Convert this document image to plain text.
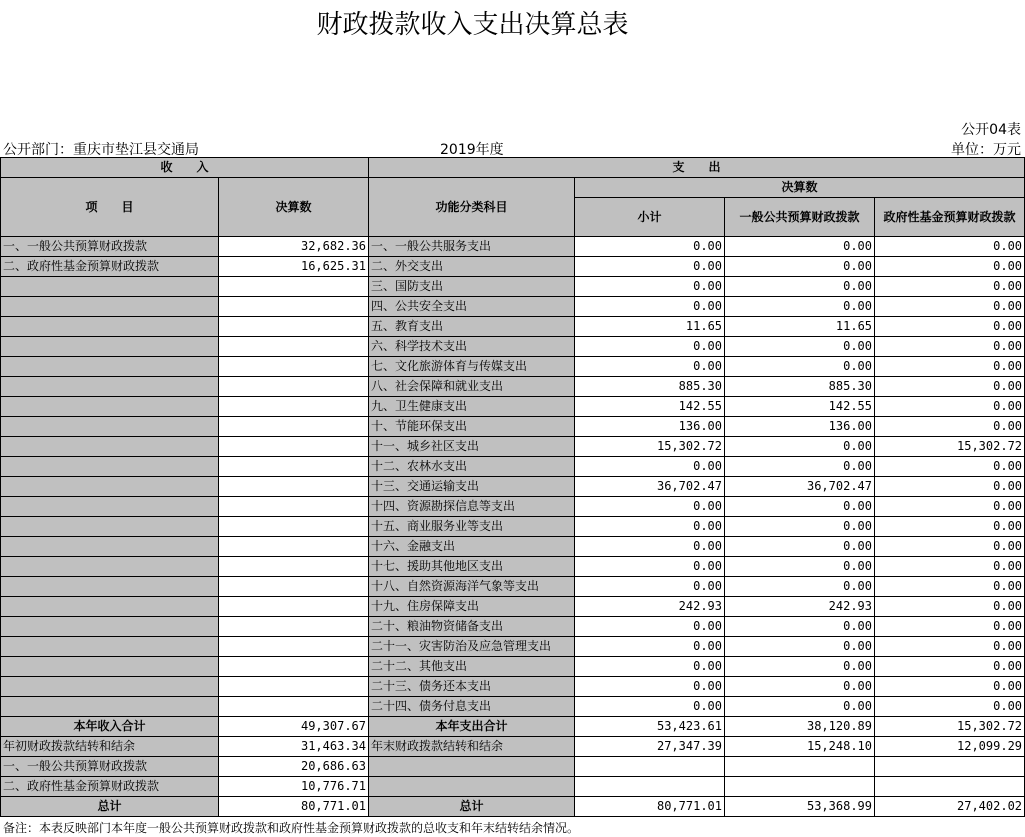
财政拨款收入支出决算总表
公开04表
公开部门：重庆市垫江县交通局	2019年度	单位：万元
收　　入		支　　出			
项　　目	决算数	功能分类科目	决算数		
			小计	一般公共预算财政拨款	政府性基金预算财政拨款
一、一般公共预算财政拨款	32,682.36	一、一般公共服务支出	0.00	0.00	0.00
二、政府性基金预算财政拨款	16,625.31	二、外交支出	0.00	0.00	0.00
		三、国防支出	0.00	0.00	0.00
		四、公共安全支出	0.00	0.00	0.00
		五、教育支出	11.65	11.65	0.00
		六、科学技术支出	0.00	0.00	0.00
		七、文化旅游体育与传媒支出	0.00	0.00	0.00
		八、社会保障和就业支出	885.30	885.30	0.00
		九、卫生健康支出	142.55	142.55	0.00
		十、节能环保支出	136.00	136.00	0.00
		十一、城乡社区支出	15,302.72	0.00	15,302.72
		十二、农林水支出	0.00	0.00	0.00
		十三、交通运输支出	36,702.47	36,702.47	0.00
		十四、资源勘探信息等支出	0.00	0.00	0.00
		十五、商业服务业等支出	0.00	0.00	0.00
		十六、金融支出	0.00	0.00	0.00
		十七、援助其他地区支出	0.00	0.00	0.00
		十八、自然资源海洋气象等支出	0.00	0.00	0.00
		十九、住房保障支出	242.93	242.93	0.00
		二十、粮油物资储备支出	0.00	0.00	0.00
		二十一、灾害防治及应急管理支出	0.00	0.00	0.00
		二十二、其他支出	0.00	0.00	0.00
		二十三、债务还本支出	0.00	0.00	0.00
		二十四、债务付息支出	0.00	0.00	0.00
本年收入合计	49,307.67	本年支出合计	53,423.61	38,120.89	15,302.72
年初财政拨款结转和结余	31,463.34	年末财政拨款结转和结余	27,347.39	15,248.10	12,099.29
一、一般公共预算财政拨款	20,686.63				
二、政府性基金预算财政拨款	10,776.71				
总计	80,771.01	总计	80,771.01	53,368.99	27,402.02
备注：本表反映部门本年度一般公共预算财政拨款和政府性基金预算财政拨款的总收支和年末结转结余情况。
